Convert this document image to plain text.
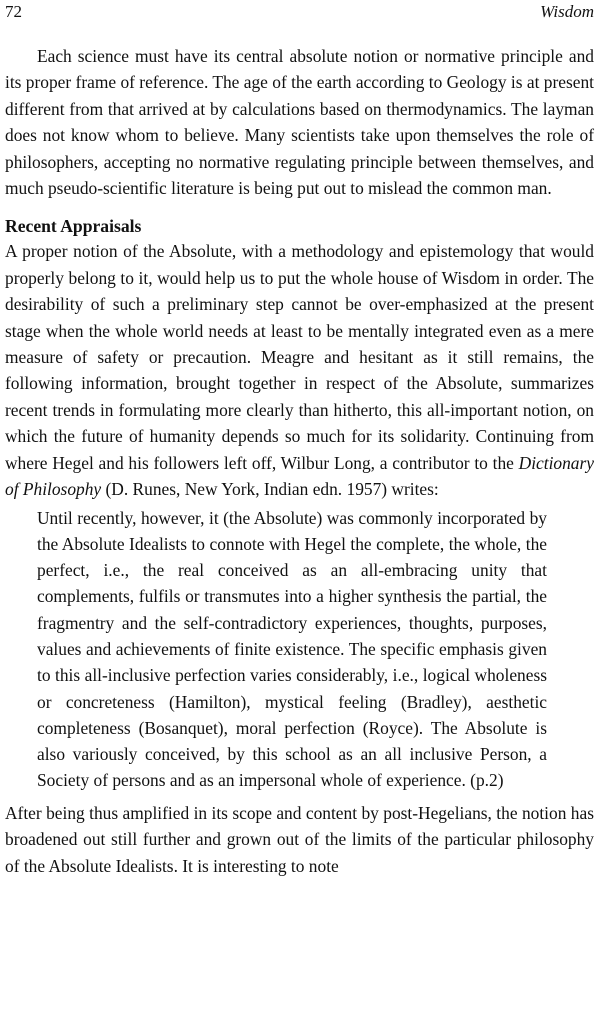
72	Wisdom

Each science must have its central absolute notion or normative principle and its proper frame of reference. The age of the earth according to Geology is at present different from that arrived at by calculations based on thermodynamics. The layman does not know whom to believe. Many scientists take upon themselves the role of philosophers, accepting no normative regulating principle between themselves, and much pseudo-scientific literature is being put out to mislead the common man.

Recent Appraisals

A proper notion of the Absolute, with a methodology and epistemology that would properly belong to it, would help us to put the whole house of Wisdom in order. The desirability of such a preliminary step cannot be over-emphasized at the present stage when the whole world needs at least to be mentally integrated even as a mere measure of safety or precaution. Meagre and hesitant as it still remains, the following information, brought together in respect of the Absolute, summarizes recent trends in formulating more clearly than hitherto, this all-important notion, on which the future of humanity depends so much for its solidarity. Continuing from where Hegel and his followers left off, Wilbur Long, a contributor to the Dictionary of Philosophy (D. Runes, New York, Indian edn. 1957) writes:

Until recently, however, it (the Absolute) was commonly incorporated by the Absolute Idealists to connote with Hegel the complete, the whole, the perfect, i.e., the real conceived as an all-embracing unity that complements, fulfils or transmutes into a higher synthesis the partial, the fragmentry and the self-contradictory experiences, thoughts, purposes, values and achievements of finite existence. The specific emphasis given to this all-inclusive perfection varies considerably, i.e., logical wholeness or concreteness (Hamilton), mystical feeling (Bradley), aesthetic completeness (Bosanquet), moral perfection (Royce). The Absolute is also variously conceived, by this school as an all inclusive Person, a Society of persons and as an impersonal whole of experience. (p.2)

After being thus amplified in its scope and content by post-Hegelians, the notion has broadened out still further and grown out of the limits of the particular philosophy of the Absolute Idealists. It is interesting to note
